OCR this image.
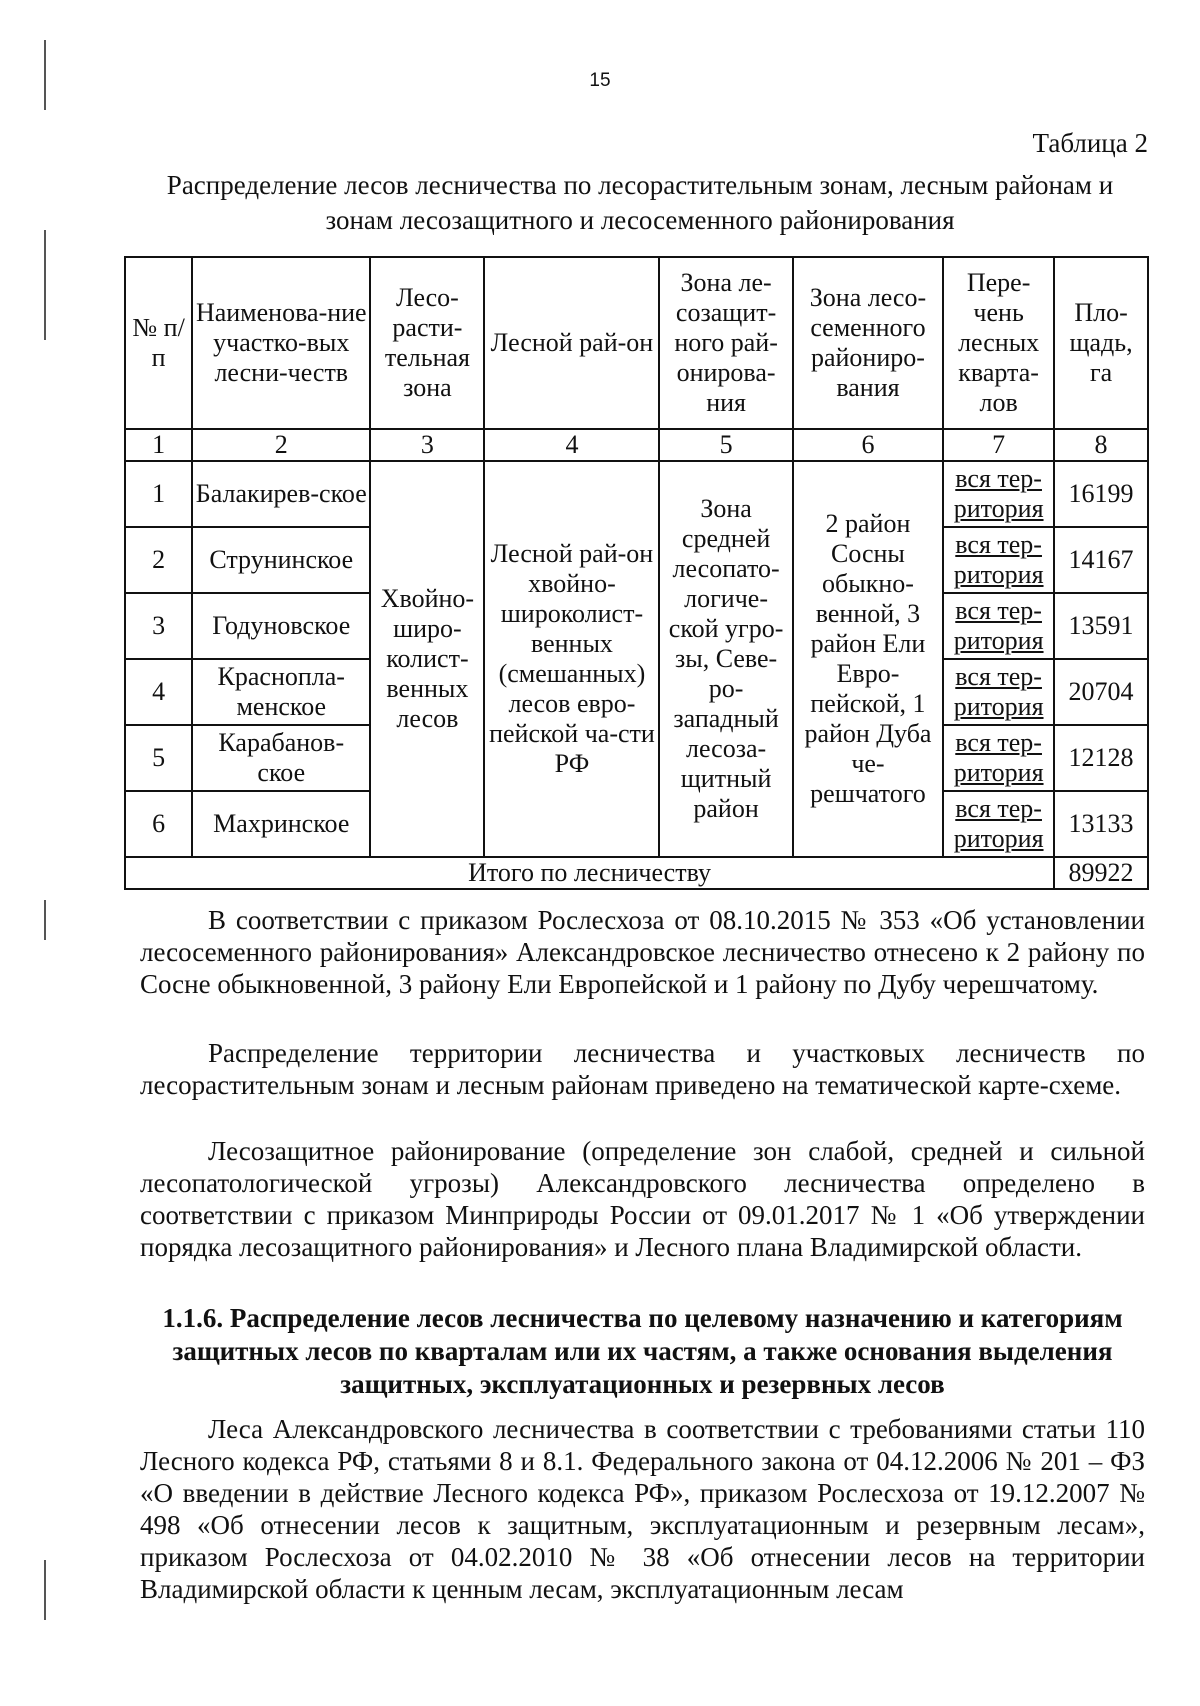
15
Таблица 2
Распределение лесов лесничества по лесорастительным зонам, лесным районам и зонам лесозащитного и лесосеменного районирования
№ п/п	Наименова-ние участко-вых лесни-честв	Лесо-расти-тельная зона	Лесной рай-он	Зона ле-созащит-ного рай-онирова-ния	Зона лесо-семенного райониро-вания	Пере-чень лесных кварта-лов	Пло-щадь, га
1	2	3	4	5	6	7	8
1	Балакирев-ское	Хвойно-широ-колист-венных лесов	Лесной рай-он хвойно-широколист-венных (смешанных) лесов евро-пейской ча-сти РФ	Зона средней лесопато-логиче-ской угро-зы, Севе-ро-западный лесоза-щитный район	2 район Сосны обыкно-венной, 3 район Ели Евро-пейской, 1 район Дуба че-решчатого	вся тер-ритория	16199
2	Струнинское					вся тер-ритория	14167
3	Годуновское					вся тер-ритория	13591
4	Краснопла-менское					вся тер-ритория	20704
5	Карабанов-ское					вся тер-ритория	12128
6	Махринское					вся тер-ритория	13133
Итого по лесничеству							89922

В соответствии с приказом Рослесхоза от 08.10.2015 № 353 «Об установлении лесосеменного районирования» Александровское лесничество отнесено к 2 району по Сосне обыкновенной, 3 району Ели Европейской и 1 району по Дубу черешчатому.

Распределение территории лесничества и участковых лесничеств по лесорастительным зонам и лесным районам приведено на тематической карте-схеме.

Лесозащитное районирование (определение зон слабой, средней и сильной лесопатологической угрозы) Александровского лесничества определено в соответствии с приказом Минприроды России от 09.01.2017 № 1 «Об утверждении порядка лесозащитного районирования» и Лесного плана Владимирской области.

1.1.6. Распределение лесов лесничества по целевому назначению и категориям защитных лесов по кварталам или их частям, а также основания выделения защитных, эксплуатационных и резервных лесов

Леса Александровского лесничества в соответствии с требованиями статьи 110 Лесного кодекса РФ, статьями 8 и 8.1. Федерального закона от 04.12.2006 № 201 – ФЗ «О введении в действие Лесного кодекса РФ», приказом Рослесхоза от 19.12.2007 № 498 «Об отнесении лесов к защитным, эксплуатационным и резервным лесам», приказом Рослесхоза от 04.02.2010 № 38 «Об отнесении лесов на территории Владимирской области к ценным лесам, эксплуатационным лесам
